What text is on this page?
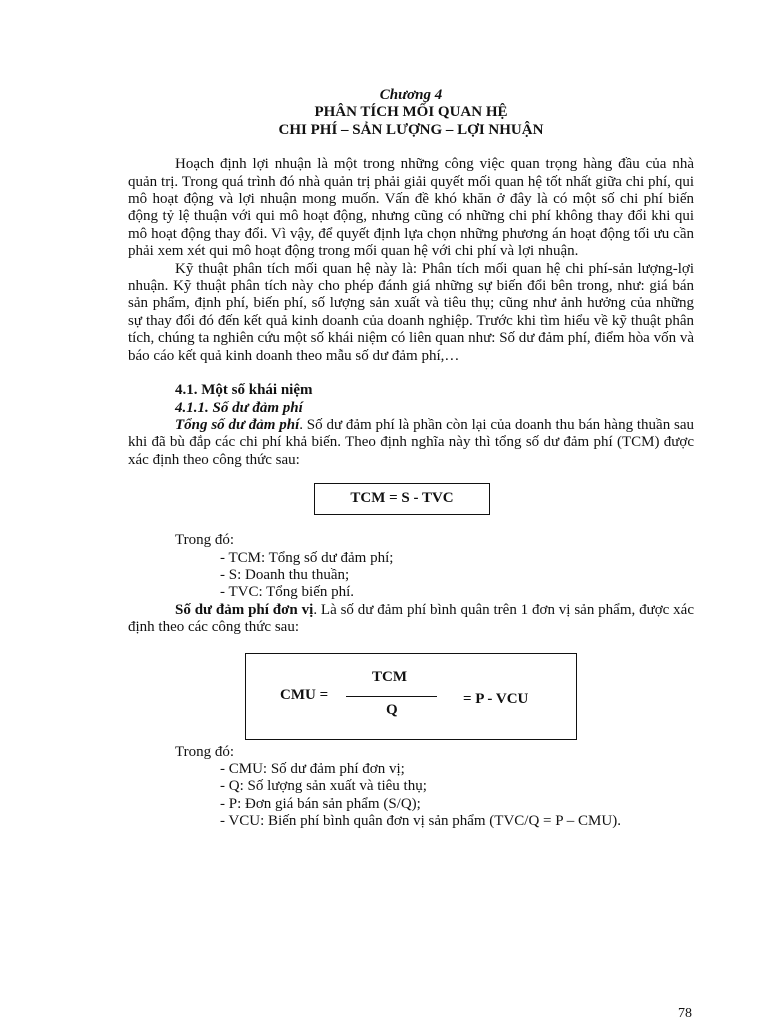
Chương 4
PHÂN TÍCH MỐI QUAN HỆ
CHI PHÍ – SẢN LƯỢNG – LỢI NHUẬN

Hoạch định lợi nhuận là một trong những công việc quan trọng hàng đầu của nhà quản trị. Trong quá trình đó nhà quản trị phải giải quyết mối quan hệ tốt nhất giữa chi phí, qui mô hoạt động và lợi nhuận mong muốn. Vấn đề khó khăn ở đây là có một số chi phí biến động tỷ lệ thuận với qui mô hoạt động, nhưng cũng có những chi phí không thay đổi khi qui mô hoạt động thay đổi. Vì vậy, để quyết định lựa chọn những phương án hoạt động tối ưu cần phải xem xét qui mô hoạt động trong mối quan hệ với chi phí và lợi nhuận.

Kỹ thuật phân tích mối quan hệ này là: Phân tích mối quan hệ chi phí-sản lượng-lợi nhuận. Kỹ thuật phân tích này cho phép đánh giá những sự biến đổi bên trong, như: giá bán sản phẩm, định phí, biến phí, số lượng sản xuất và tiêu thụ; cũng như ảnh hưởng của những sự thay đổi đó đến kết quả kinh doanh của doanh nghiệp. Trước khi tìm hiểu về kỹ thuật phân tích, chúng ta nghiên cứu một số khái niệm có liên quan như: Số dư đảm phí, điểm hòa vốn và báo cáo kết quả kinh doanh theo mẫu số dư đảm phí,…

4.1. Một số khái niệm
4.1.1. Số dư đảm phí

Tổng số dư đảm phí. Số dư đảm phí là phần còn lại của doanh thu bán hàng thuần sau khi đã bù đắp các chi phí khả biến. Theo định nghĩa này thì tổng số dư đảm phí (TCM) được xác định theo công thức sau:

TCM = S - TVC
Trong đó:
- TCM: Tổng số dư đảm phí;
- S: Doanh thu thuần;
- TVC: Tổng biến phí.

Số dư đảm phí đơn vị. Là số dư đảm phí bình quân trên 1 đơn vị sản phẩm, được xác định theo các công thức sau:

CMU =
TCM
Q
= P - VCU
Trong đó:
- CMU: Số dư đảm phí đơn vị;
- Q: Số lượng sản xuất và tiêu thụ;
- P: Đơn giá bán sản phẩm (S/Q);
- VCU: Biến phí bình quân đơn vị sản phẩm (TVC/Q = P – CMU).
78
